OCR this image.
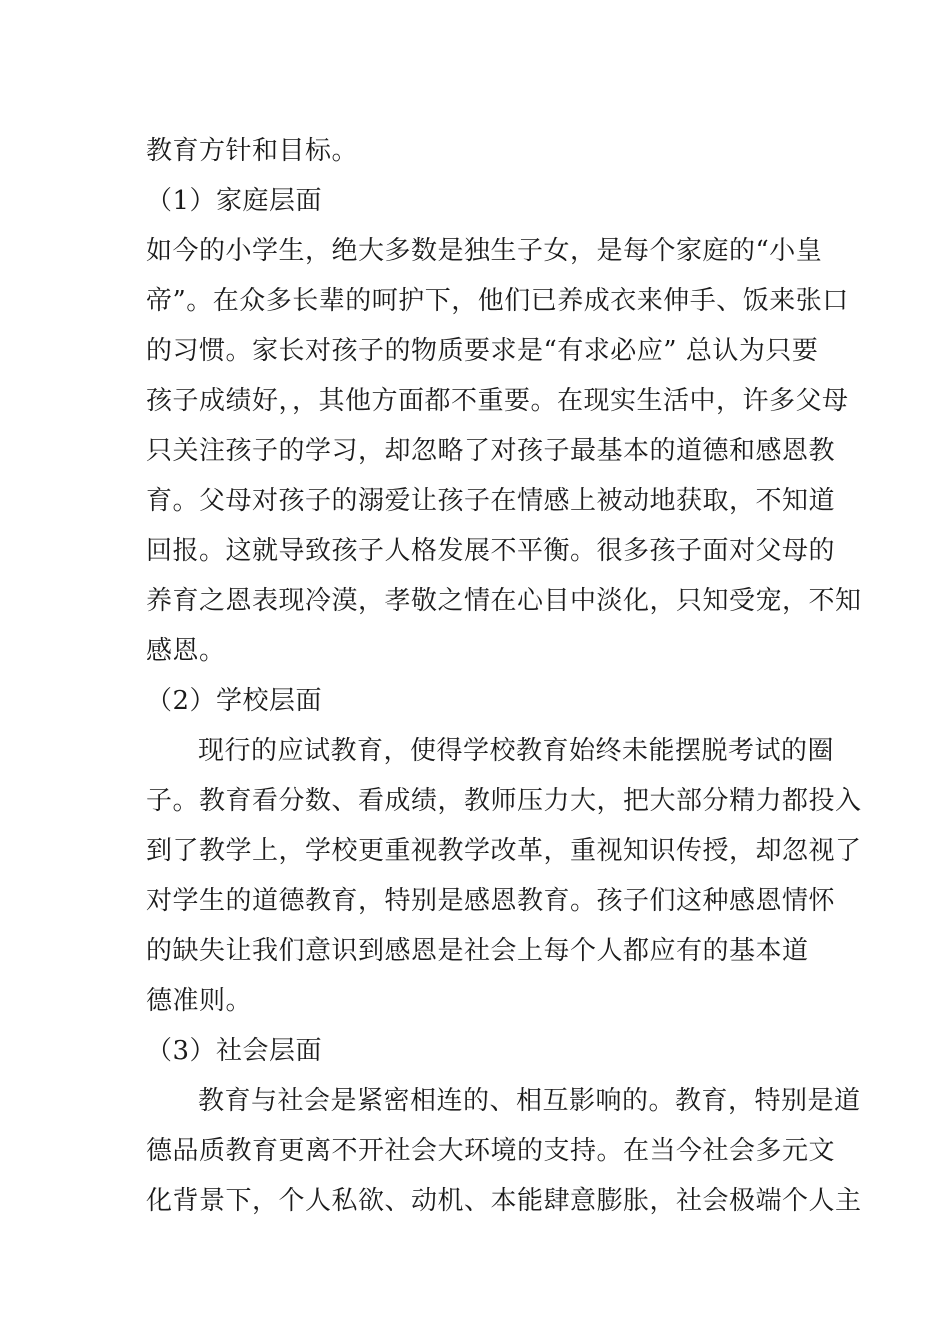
教育方针和目标。
（1）家庭层面
如今的小学生，绝大多数是独生子女，是每个家庭的“小皇
帝”。在众多长辈的呵护下，他们已养成衣来伸手、饭来张口
的习惯。家长对孩子的物质要求是“有求必应” 总认为只要
孩子成绩好，，其他方面都不重要。在现实生活中，许多父母
只关注孩子的学习，却忽略了对孩子最基本的道德和感恩教
育。父母对孩子的溺爱让孩子在情感上被动地获取，不知道
回报。这就导致孩子人格发展不平衡。很多孩子面对父母的
养育之恩表现冷漠，孝敬之情在心目中淡化，只知受宠，不知
感恩。
（2）学校层面
现行的应试教育，使得学校教育始终未能摆脱考试的圈
子。教育看分数、看成绩，教师压力大，把大部分精力都投入
到了教学上，学校更重视教学改革，重视知识传授，却忽视了
对学生的道德教育，特别是感恩教育。孩子们这种感恩情怀
的缺失让我们意识到感恩是社会上每个人都应有的基本道
德准则。
（3）社会层面
教育与社会是紧密相连的、相互影响的。教育，特别是道
德品质教育更离不开社会大环境的支持。在当今社会多元文
化背景下，个人私欲、动机、本能肆意膨胀，社会极端个人主
